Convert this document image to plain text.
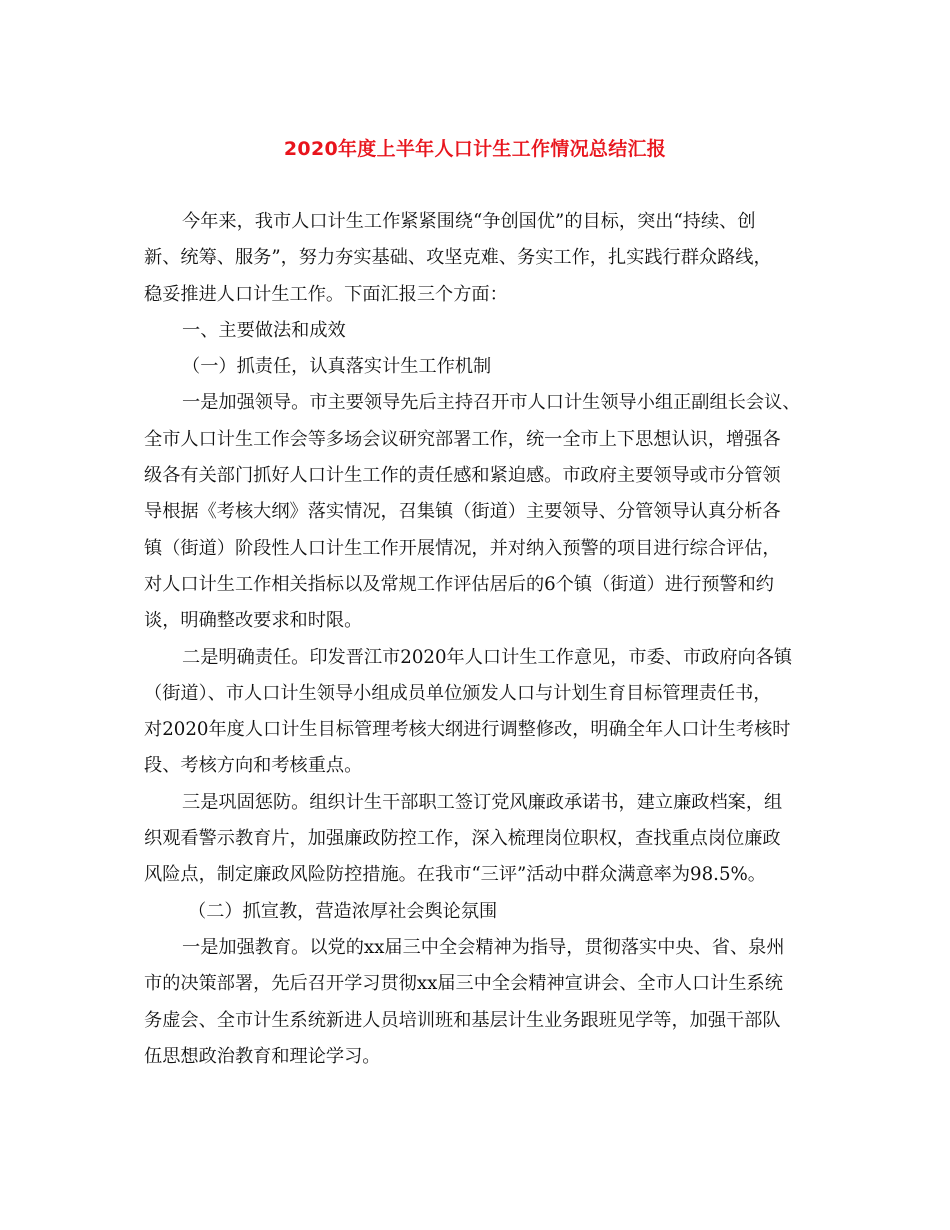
2020年度上半年人口计生工作情况总结汇报
今年来，我市人口计生工作紧紧围绕“争创国优”的目标，突出“持续、创
新、统筹、服务”，努力夯实基础、攻坚克难、务实工作，扎实践行群众路线，
稳妥推进人口计生工作。下面汇报三个方面：
一、主要做法和成效
（一）抓责任，认真落实计生工作机制
一是加强领导。市主要领导先后主持召开市人口计生领导小组正副组长会议、
全市人口计生工作会等多场会议研究部署工作，统一全市上下思想认识，增强各
级各有关部门抓好人口计生工作的责任感和紧迫感。市政府主要领导或市分管领
导根据《考核大纲》落实情况，召集镇（街道）主要领导、分管领导认真分析各
镇（街道）阶段性人口计生工作开展情况，并对纳入预警的项目进行综合评估，
对人口计生工作相关指标以及常规工作评估居后的6个镇（街道）进行预警和约
谈，明确整改要求和时限。
二是明确责任。印发晋江市2020年人口计生工作意见，市委、市政府向各镇
（街道）、市人口计生领导小组成员单位颁发人口与计划生育目标管理责任书，
对2020年度人口计生目标管理考核大纲进行调整修改，明确全年人口计生考核时
段、考核方向和考核重点。
三是巩固惩防。组织计生干部职工签订党风廉政承诺书，建立廉政档案，组
织观看警示教育片，加强廉政防控工作，深入梳理岗位职权，查找重点岗位廉政
风险点，制定廉政风险防控措施。在我市“三评”活动中群众满意率为98.5%。
（二）抓宣教，营造浓厚社会舆论氛围
一是加强教育。以党的xx届三中全会精神为指导，贯彻落实中央、省、泉州
市的决策部署，先后召开学习贯彻xx届三中全会精神宣讲会、全市人口计生系统
务虚会、全市计生系统新进人员培训班和基层计生业务跟班见学等，加强干部队
伍思想政治教育和理论学习。
